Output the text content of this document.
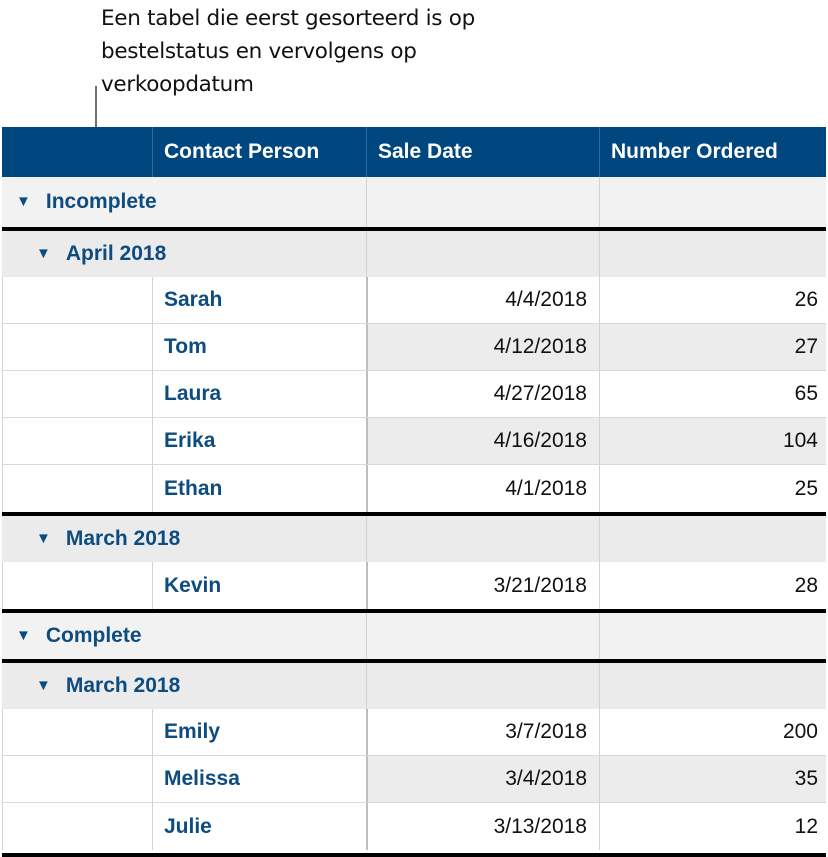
Een tabel die eerst gesorteerd is op bestelstatus en vervolgens op verkoopdatum
Contact Person	Sale Date	Number Ordered
▼ Incomplete
▼ April 2018
Sarah	4/4/2018	26
Tom	4/12/2018	27
Laura	4/27/2018	65
Erika	4/16/2018	104
Ethan	4/1/2018	25
▼ March 2018
Kevin	3/21/2018	28
▼ Complete
▼ March 2018
Emily	3/7/2018	200
Melissa	3/4/2018	35
Julie	3/13/2018	12
